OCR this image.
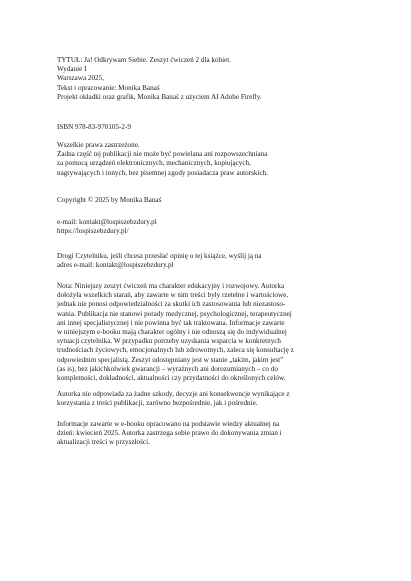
TYTUŁ: Ja! Odkrywam Siebie. Zeszyt ćwiczeń 2 dla kobiet.
Wydanie I
Warszawa 2025,
Tekst i opracowanie: Monika Banaś
Projekt okładki oraz grafik, Monika Banaś z użyciem AI Adobe Firefly.
ISBN 978-83-970105-2-9
Wszelkie prawa zastrzeżone.
Żadna część tej publikacji nie może być powielana ani rozpowszechniana
za pomocą urządzeń elektronicznych, mechanicznych, kopiujących,
nagrywających i innych, bez pisemnej zgody posiadacza praw autorskich.
Copyright © 2025 by Monika Banaś
e-mail: kontakt@lospiszebzdury.pl
https://lospiszebzdury.pl/
Drogi Czytelniku, jeśli chcesz przesłać opinię o tej książce, wyślij ją na
adres e-mail: kontakt@lospiszebzdury.pl
Nota: Niniejszy zeszyt ćwiczeń ma charakter edukacyjny i rozwojowy. Autorka
dołożyła wszelkich starań, aby zawarte w nim treści były rzetelne i wartościowe,
jednak nie ponosi odpowiedzialności za skutki ich zastosowania lub niezastoso-
wania. Publikacja nie stanowi porady medycznej, psychologicznej, terapeutycznej
ani innej specjalistycznej i nie powinna być tak traktowana. Informacje zawarte
w niniejszym e-booku mają charakter ogólny i nie odnoszą się do indywidualnej
sytuacji czytelnika. W przypadku potrzeby uzyskania wsparcia w konkretnych
trudnościach życiowych, emocjonalnych lub zdrowotnych, zaleca się konsultację z
odpowiednim specjalistą. Zeszyt udostępniany jest w stanie „takim, jakim jest”
(as is), bez jakichkolwiek gwarancji – wyrażnych ani dorozumianych – co do
kompletności, dokładności, aktualności czy przydatności do określonych celów.
Autorka nie odpowiada za żadne szkody, decyzje ani konsekwencje wynikające z
korzystania z treści publikacji, zarówno bezpośrednie, jak i pośrednie.
Informacje zawarte w e-booku opracowano na podstawie wiedzy aktualnej na
dzień: kwiecień 2025. Autorka zastrzega sobie prawo do dokonywania zmian i
aktualizacji treści w przyszłości.
